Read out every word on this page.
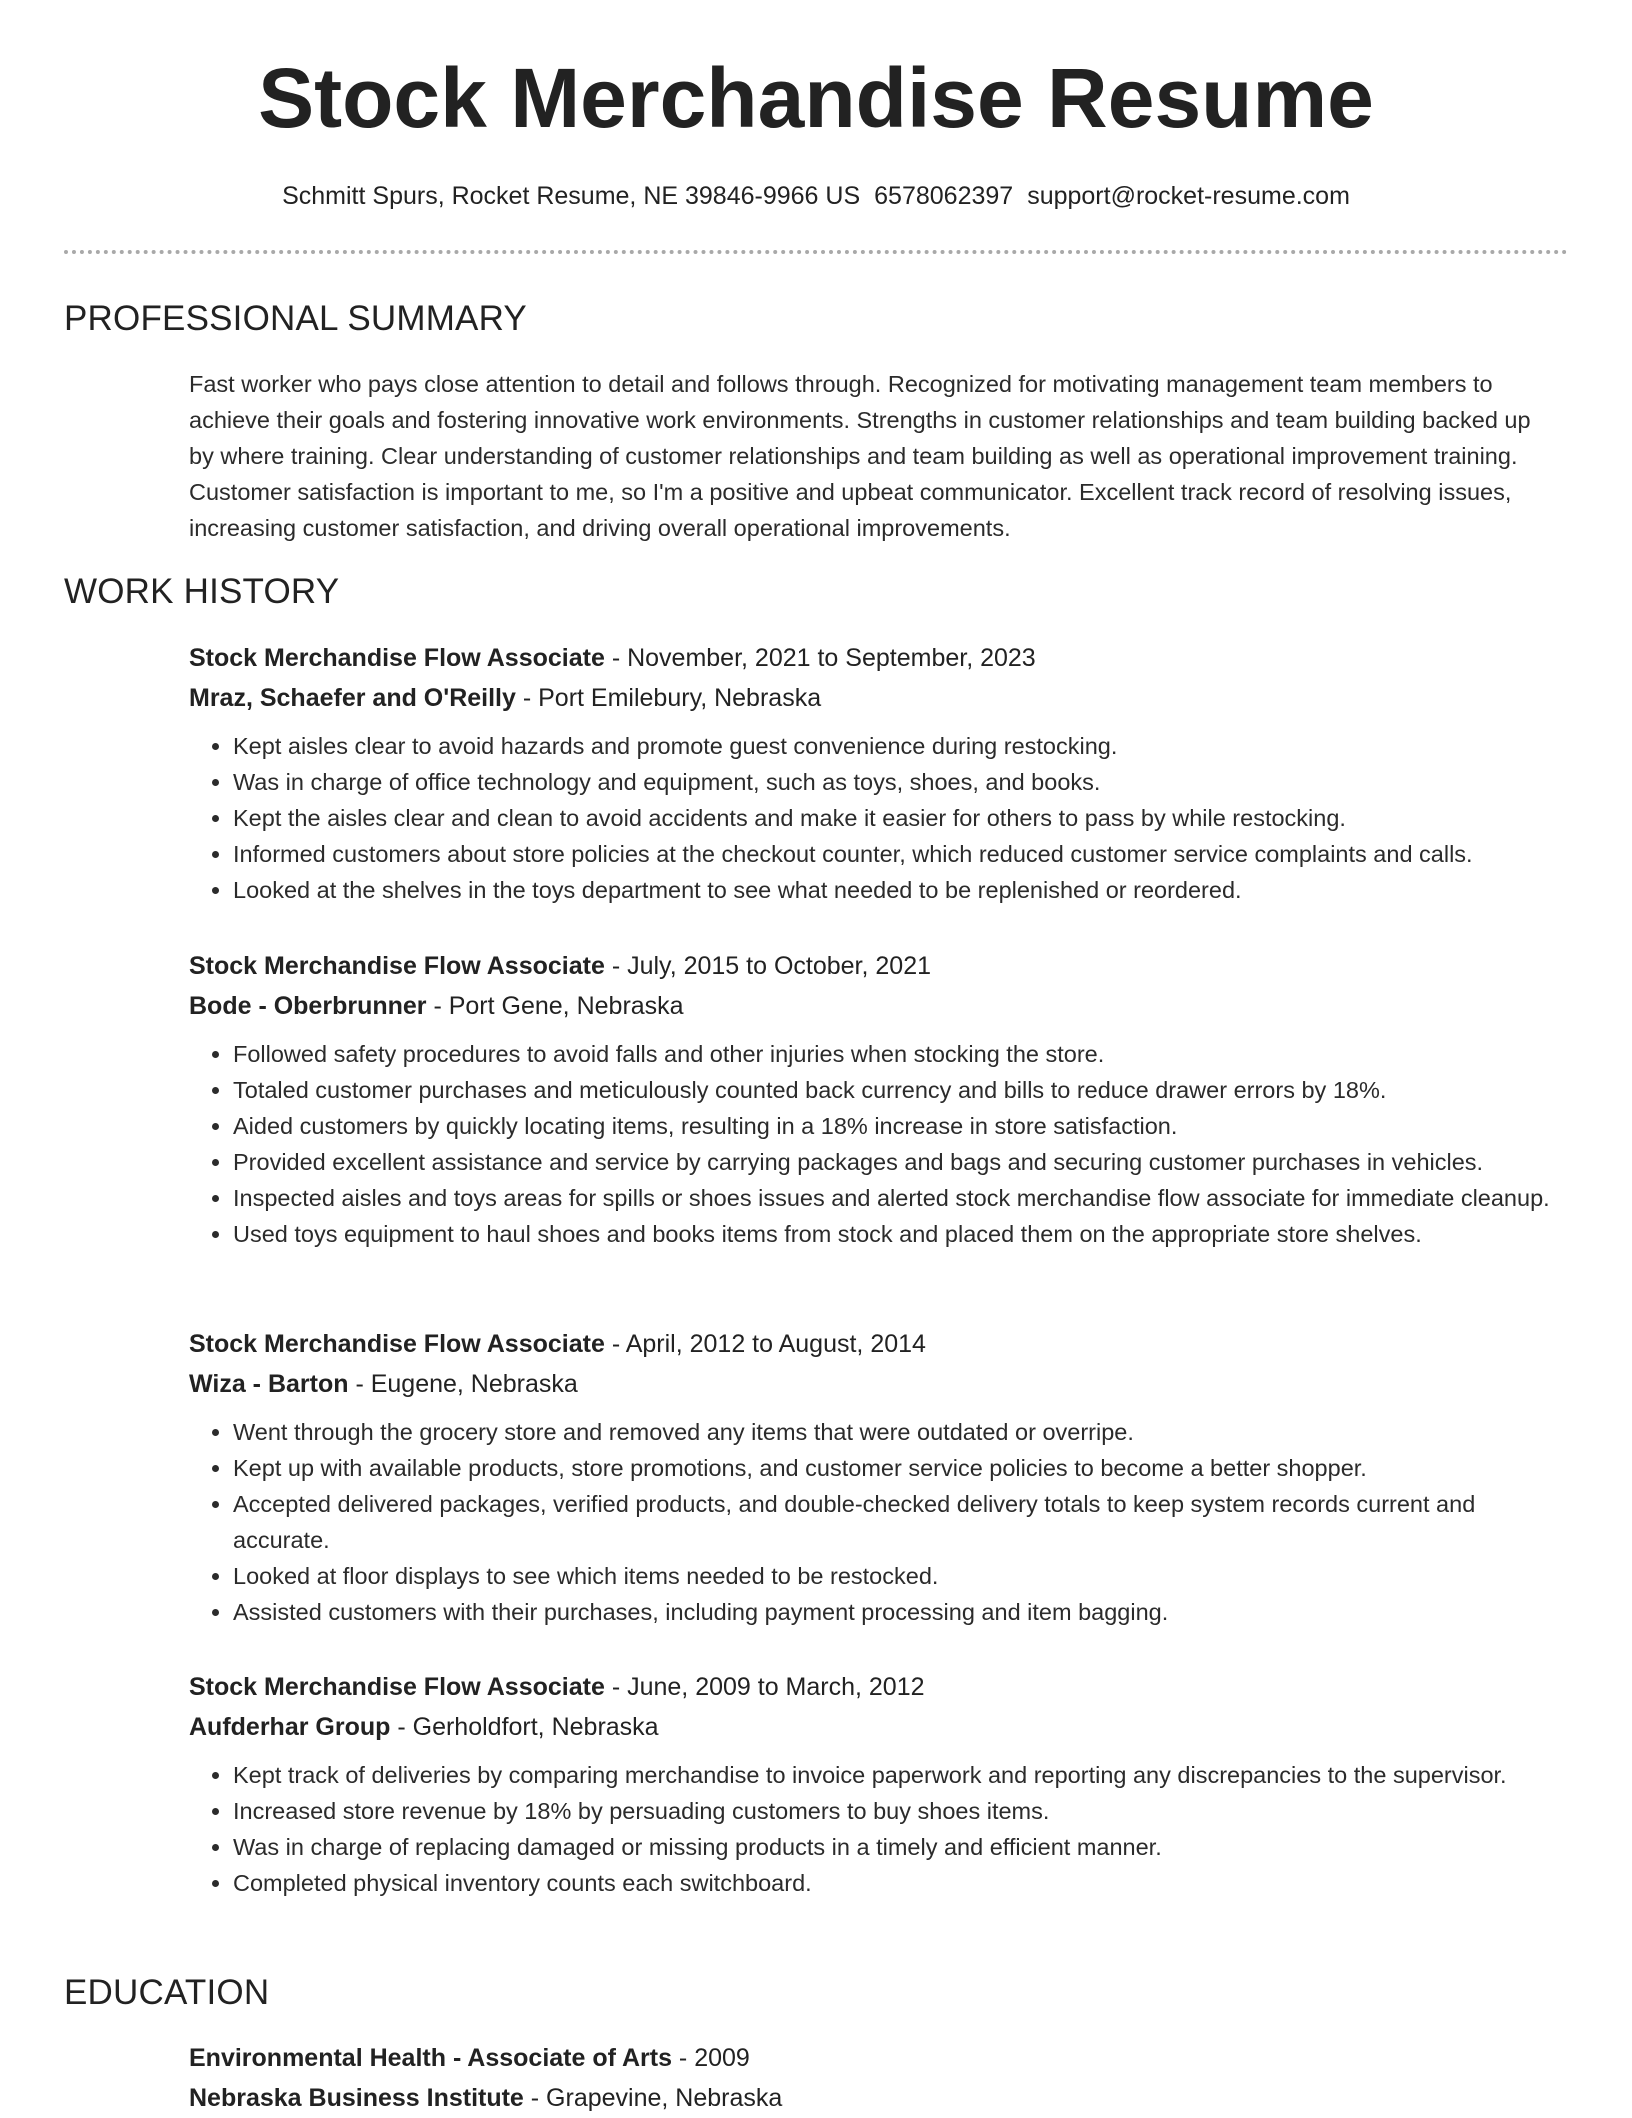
Stock Merchandise Resume
Schmitt Spurs, Rocket Resume, NE 39846-9966 US 6578062397 support@rocket-resume.com
PROFESSIONAL SUMMARY

Fast worker who pays close attention to detail and follows through. Recognized for motivating management team members to achieve their goals and fostering innovative work environments. Strengths in customer relationships and team building backed up by where training. Clear understanding of customer relationships and team building as well as operational improvement training. Customer satisfaction is important to me, so I'm a positive and upbeat communicator. Excellent track record of resolving issues, increasing customer satisfaction, and driving overall operational improvements.

WORK HISTORY
Stock Merchandise Flow Associate - November, 2021 to September, 2023
Mraz, Schaefer and O'Reilly - Port Emilebury, Nebraska
• Kept aisles clear to avoid hazards and promote guest convenience during restocking.
• Was in charge of office technology and equipment, such as toys, shoes, and books.
• Kept the aisles clear and clean to avoid accidents and make it easier for others to pass by while restocking.
• Informed customers about store policies at the checkout counter, which reduced customer service complaints and calls.
• Looked at the shelves in the toys department to see what needed to be replenished or reordered.
Stock Merchandise Flow Associate - July, 2015 to October, 2021
Bode - Oberbrunner - Port Gene, Nebraska
• Followed safety procedures to avoid falls and other injuries when stocking the store.
• Totaled customer purchases and meticulously counted back currency and bills to reduce drawer errors by 18%.
• Aided customers by quickly locating items, resulting in a 18% increase in store satisfaction.
• Provided excellent assistance and service by carrying packages and bags and securing customer purchases in vehicles.
• Inspected aisles and toys areas for spills or shoes issues and alerted stock merchandise flow associate for immediate cleanup.
• Used toys equipment to haul shoes and books items from stock and placed them on the appropriate store shelves.
Stock Merchandise Flow Associate - April, 2012 to August, 2014
Wiza - Barton - Eugene, Nebraska
• Went through the grocery store and removed any items that were outdated or overripe.
• Kept up with available products, store promotions, and customer service policies to become a better shopper.
• Accepted delivered packages, verified products, and double-checked delivery totals to keep system records current and accurate.
• Looked at floor displays to see which items needed to be restocked.
• Assisted customers with their purchases, including payment processing and item bagging.
Stock Merchandise Flow Associate - June, 2009 to March, 2012
Aufderhar Group - Gerholdfort, Nebraska
• Kept track of deliveries by comparing merchandise to invoice paperwork and reporting any discrepancies to the supervisor.
• Increased store revenue by 18% by persuading customers to buy shoes items.
• Was in charge of replacing damaged or missing products in a timely and efficient manner.
• Completed physical inventory counts each switchboard.
EDUCATION
Environmental Health - Associate of Arts - 2009
Nebraska Business Institute - Grapevine, Nebraska
